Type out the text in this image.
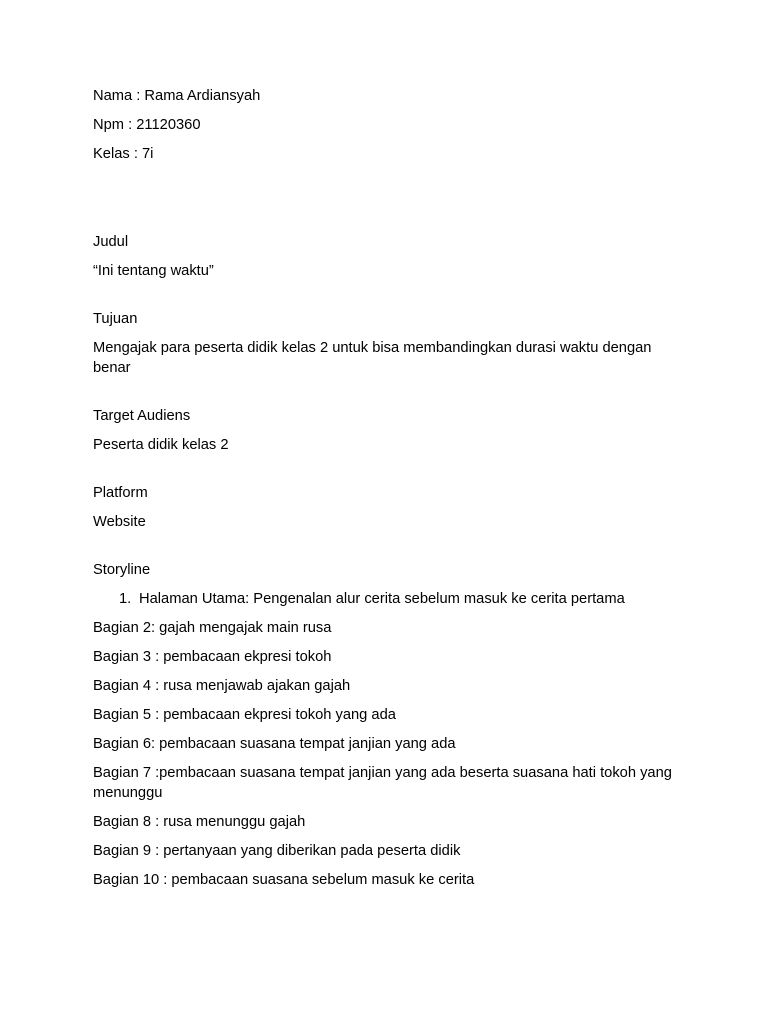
Nama : Rama Ardiansyah

Npm : 21120360

Kelas : 7i

Judul

“Ini tentang waktu”

Tujuan

Mengajak para peserta didik kelas 2 untuk bisa membandingkan durasi waktu dengan benar

Target Audiens

Peserta didik kelas 2

Platform

Website

Storyline

1. Halaman Utama: Pengenalan alur cerita sebelum masuk ke cerita pertama

Bagian 2: gajah mengajak main rusa

Bagian 3 : pembacaan ekpresi tokoh

Bagian 4 : rusa menjawab ajakan gajah

Bagian 5 : pembacaan ekpresi tokoh yang ada

Bagian 6: pembacaan suasana tempat janjian yang ada

Bagian 7 :pembacaan suasana tempat janjian yang ada beserta suasana hati tokoh yang menunggu

Bagian 8 : rusa menunggu gajah

Bagian 9 : pertanyaan yang diberikan pada peserta didik

Bagian 10 : pembacaan suasana sebelum masuk ke cerita
